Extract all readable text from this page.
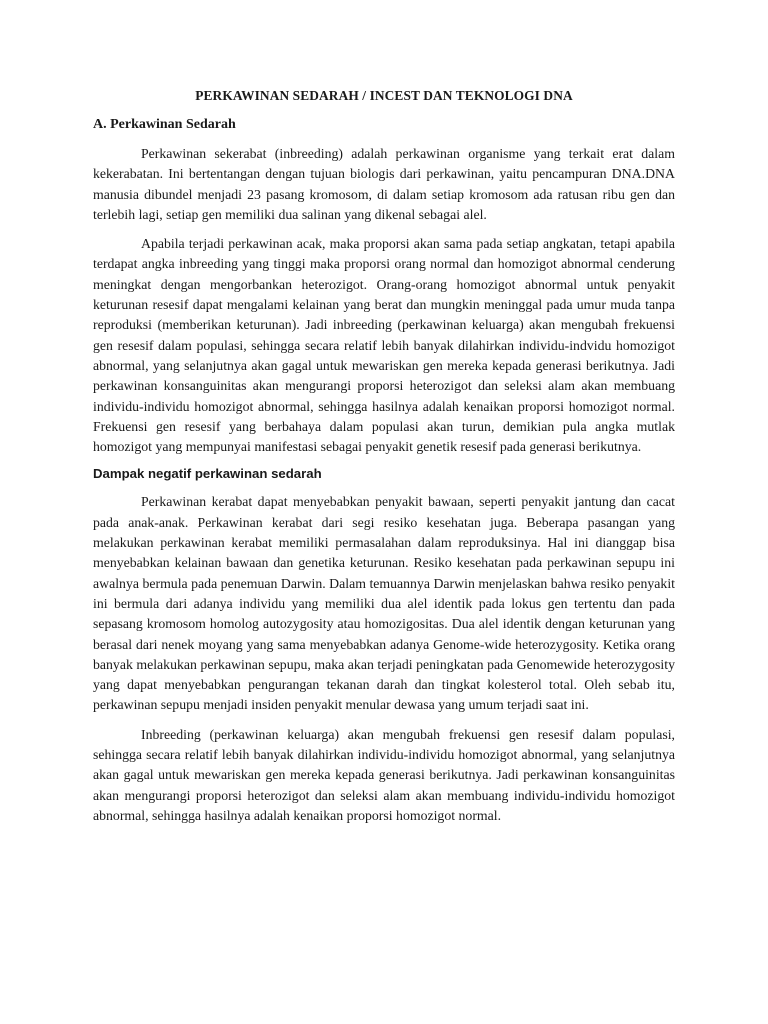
PERKAWINAN SEDARAH / INCEST DAN TEKNOLOGI DNA
A. Perkawinan Sedarah

Perkawinan sekerabat (inbreeding) adalah perkawinan organisme yang terkait erat dalam kekerabatan. Ini bertentangan dengan tujuan biologis dari perkawinan, yaitu pencampuran DNA.DNA manusia dibundel menjadi 23 pasang kromosom, di dalam setiap kromosom ada ratusan ribu gen dan terlebih lagi, setiap gen memiliki dua salinan yang dikenal sebagai alel.

Apabila terjadi perkawinan acak, maka proporsi akan sama pada setiap angkatan, tetapi apabila terdapat angka inbreeding yang tinggi maka proporsi orang normal dan homozigot abnormal cenderung meningkat dengan mengorbankan heterozigot. Orang-orang homozigot abnormal untuk penyakit keturunan resesif dapat mengalami kelainan yang berat dan mungkin meninggal pada umur muda tanpa reproduksi (memberikan keturunan). Jadi inbreeding (perkawinan keluarga) akan mengubah frekuensi gen resesif dalam populasi, sehingga secara relatif lebih banyak dilahirkan individu-indvidu homozigot abnormal, yang selanjutnya akan gagal untuk mewariskan gen mereka kepada generasi berikutnya. Jadi perkawinan konsanguinitas akan mengurangi proporsi heterozigot dan seleksi alam akan membuang individu-individu homozigot abnormal, sehingga hasilnya adalah kenaikan proporsi homozigot normal. Frekuensi gen resesif yang berbahaya dalam populasi akan turun, demikian pula angka mutlak homozigot yang mempunyai manifestasi sebagai penyakit genetik resesif pada generasi berikutnya.

Dampak negatif perkawinan sedarah

Perkawinan kerabat dapat menyebabkan penyakit bawaan, seperti penyakit jantung dan cacat pada anak-anak. Perkawinan kerabat dari segi resiko kesehatan juga. Beberapa pasangan yang melakukan perkawinan kerabat memiliki permasalahan dalam reproduksinya. Hal ini dianggap bisa menyebabkan kelainan bawaan dan genetika keturunan. Resiko kesehatan pada perkawinan sepupu ini awalnya bermula pada penemuan Darwin. Dalam temuannya Darwin menjelaskan bahwa resiko penyakit ini bermula dari adanya individu yang memiliki dua alel identik pada lokus gen tertentu dan pada sepasang kromosom homolog autozygosity atau homozigositas. Dua alel identik dengan keturunan yang berasal dari nenek moyang yang sama menyebabkan adanya Genome-wide heterozygosity. Ketika orang banyak melakukan perkawinan sepupu, maka akan terjadi peningkatan pada Genomewide heterozygosity yang dapat menyebabkan pengurangan tekanan darah dan tingkat kolesterol total. Oleh sebab itu, perkawinan sepupu menjadi insiden penyakit menular dewasa yang umum terjadi saat ini.

Inbreeding (perkawinan keluarga) akan mengubah frekuensi gen resesif dalam populasi, sehingga secara relatif lebih banyak dilahirkan individu-individu homozigot abnormal, yang selanjutnya akan gagal untuk mewariskan gen mereka kepada generasi berikutnya. Jadi perkawinan konsanguinitas akan mengurangi proporsi heterozigot dan seleksi alam akan membuang individu-individu homozigot abnormal, sehingga hasilnya adalah kenaikan proporsi homozigot normal.
